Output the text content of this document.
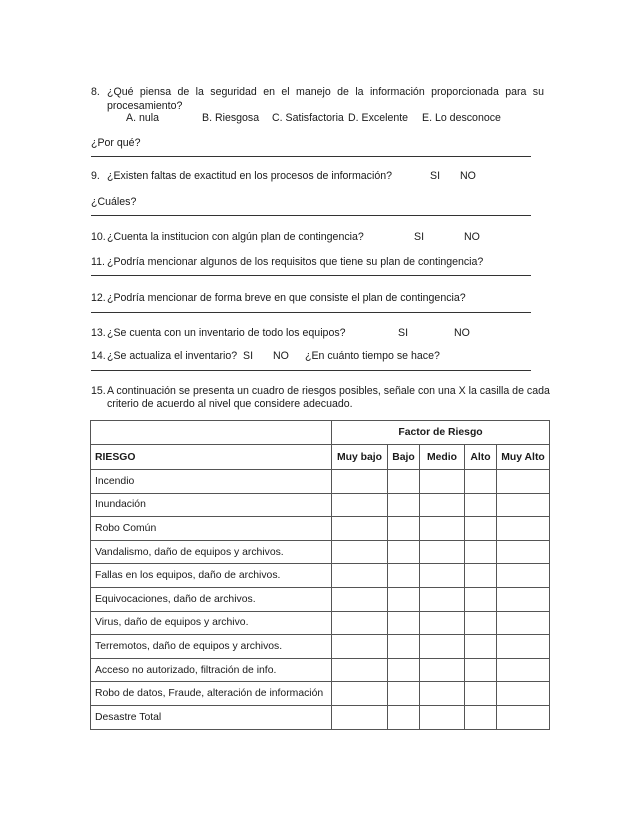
8. ¿Qué piensa de la seguridad en el manejo de la información proporcionada para su
procesamiento?
A. nula	B. Riesgosa C. Satisfactoria D. Excelente E. Lo desconoce
¿Por qué?
9. ¿Existen faltas de exactitud en los procesos de información?	SI NO
¿Cuáles?
10. ¿Cuenta la institucion con algún plan de contingencia?	SI	NO
11. ¿Podría mencionar algunos de los requisitos que tiene su plan de contingencia?
12. ¿Podría mencionar de forma breve en que consiste el plan de contingencia?
13. ¿Se cuenta con un inventario de todo los equipos?	SI	NO
14. ¿Se actualiza el inventario? SI NO ¿En cuánto tiempo se hace?
15. A continuación se presenta un cuadro de riesgos posibles, señale con una X la casilla de cada
criterio de acuerdo al nivel que considere adecuado.
	Factor de Riesgo				
RIESGO	Muy bajo	Bajo	Medio	Alto	Muy Alto
Incendio					
Inundación					
Robo Común					
Vandalismo, daño de equipos y archivos.					
Fallas en los equipos, daño de archivos.					
Equivocaciones, daño de archivos.					
Virus, daño de equipos y archivo.					
Terremotos, daño de equipos y archivos.					
Acceso no autorizado, filtración de info.					
Robo de datos, Fraude, alteración de información					
Desastre Total					
